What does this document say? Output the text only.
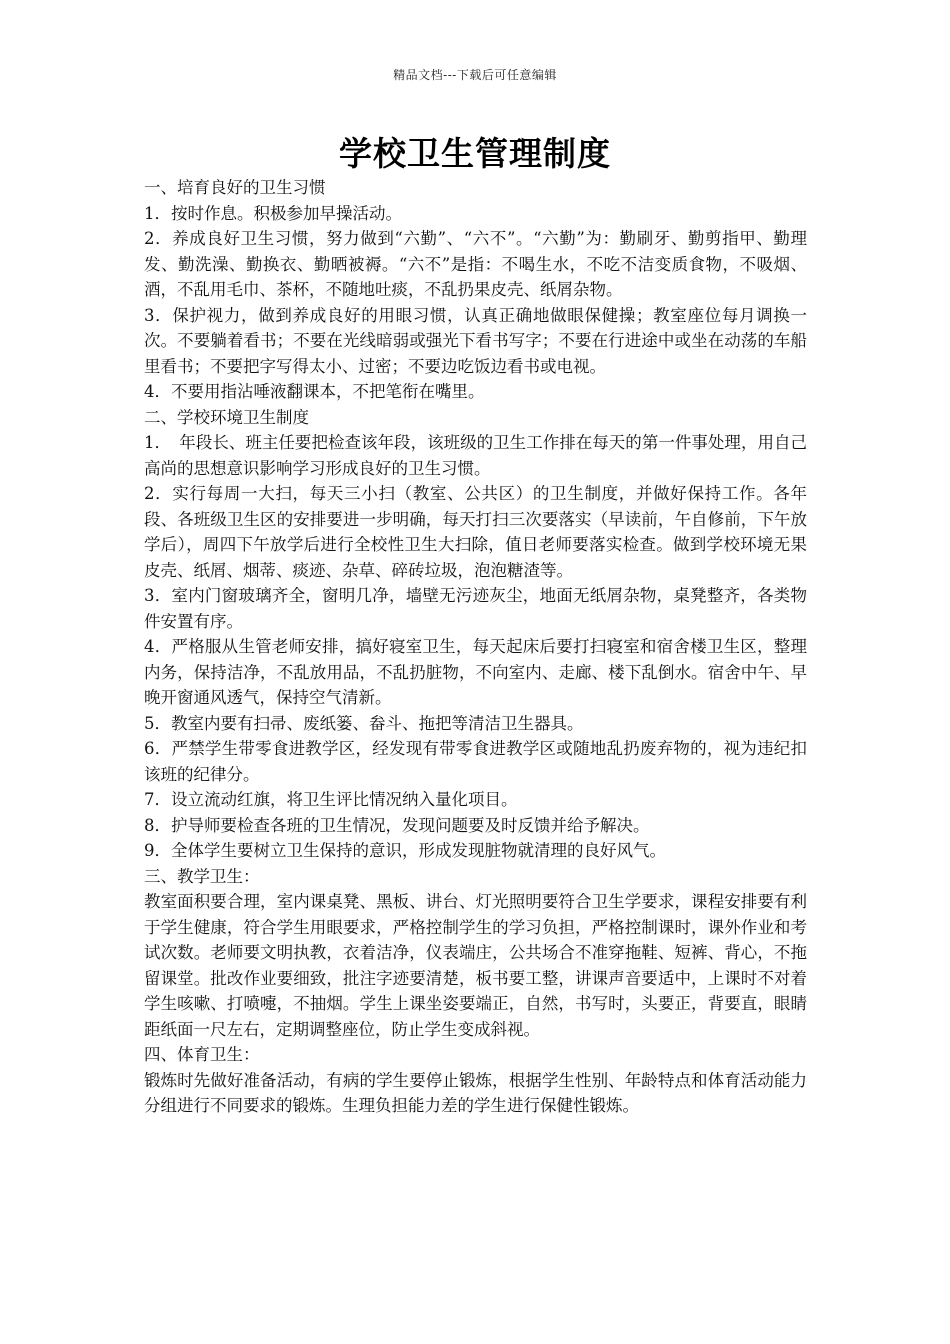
精品文档---下载后可任意编辑
学校卫生管理制度

一、培育良好的卫生习惯

1．按时作息。积极参加早操活动。

2．养成良好卫生习惯，努力做到“六勤”、“六不”。“六勤”为：勤刷牙、勤剪指甲、勤理发、勤洗澡、勤换衣、勤晒被褥。“六不”是指：不喝生水，不吃不洁变质食物，不吸烟、酒，不乱用毛巾、茶杯，不随地吐痰，不乱扔果皮壳、纸屑杂物。

3．保护视力，做到养成良好的用眼习惯，认真正确地做眼保健操；教室座位每月调换一次。不要躺着看书；不要在光线暗弱或强光下看书写字；不要在行进途中或坐在动荡的车船里看书；不要把字写得太小、过密；不要边吃饭边看书或电视。

4．不要用指沾唾液翻课本，不把笔衔在嘴里。

二、学校环境卫生制度

1．　年段长、班主任要把检查该年段，该班级的卫生工作排在每天的第一件事处理，用自己高尚的思想意识影响学习形成良好的卫生习惯。

2．实行每周一大扫，每天三小扫（教室、公共区）的卫生制度，并做好保持工作。各年段、各班级卫生区的安排要进一步明确，每天打扫三次要落实（早读前，午自修前，下午放学后），周四下午放学后进行全校性卫生大扫除，值日老师要落实检查。做到学校环境无果皮壳、纸屑、烟蒂、痰迹、杂草、碎砖垃圾，泡泡糖渣等。

3．室内门窗玻璃齐全，窗明几净，墙壁无污迹灰尘，地面无纸屑杂物，桌凳整齐，各类物件安置有序。

4．严格服从生管老师安排，搞好寝室卫生，每天起床后要打扫寝室和宿舍楼卫生区，整理内务，保持洁净，不乱放用品，不乱扔脏物，不向室内、走廊、楼下乱倒水。宿舍中午、早晚开窗通风透气，保持空气清新。

5．教室内要有扫帚、废纸篓、畚斗、拖把等清洁卫生器具。

6．严禁学生带零食进教学区，经发现有带零食进教学区或随地乱扔废弃物的，视为违纪扣该班的纪律分。

7．设立流动红旗，将卫生评比情况纳入量化项目。

8．护导师要检查各班的卫生情况，发现问题要及时反馈并给予解决。

9．全体学生要树立卫生保持的意识，形成发现脏物就清理的良好风气。

三、教学卫生：

教室面积要合理，室内课桌凳、黑板、讲台、灯光照明要符合卫生学要求，课程安排要有利于学生健康，符合学生用眼要求，严格控制学生的学习负担，严格控制课时，课外作业和考试次数。老师要文明执教，衣着洁净，仪表端庄，公共场合不准穿拖鞋、短裤、背心，不拖留课堂。批改作业要细致，批注字迹要清楚，板书要工整，讲课声音要适中，上课时不对着学生咳嗽、打喷嚏，不抽烟。学生上课坐姿要端正，自然，书写时，头要正，背要直，眼睛距纸面一尺左右，定期调整座位，防止学生变成斜视。

四、体育卫生：

锻炼时先做好准备活动，有病的学生要停止锻炼，根据学生性别、年龄特点和体育活动能力分组进行不同要求的锻炼。生理负担能力差的学生进行保健性锻炼。
